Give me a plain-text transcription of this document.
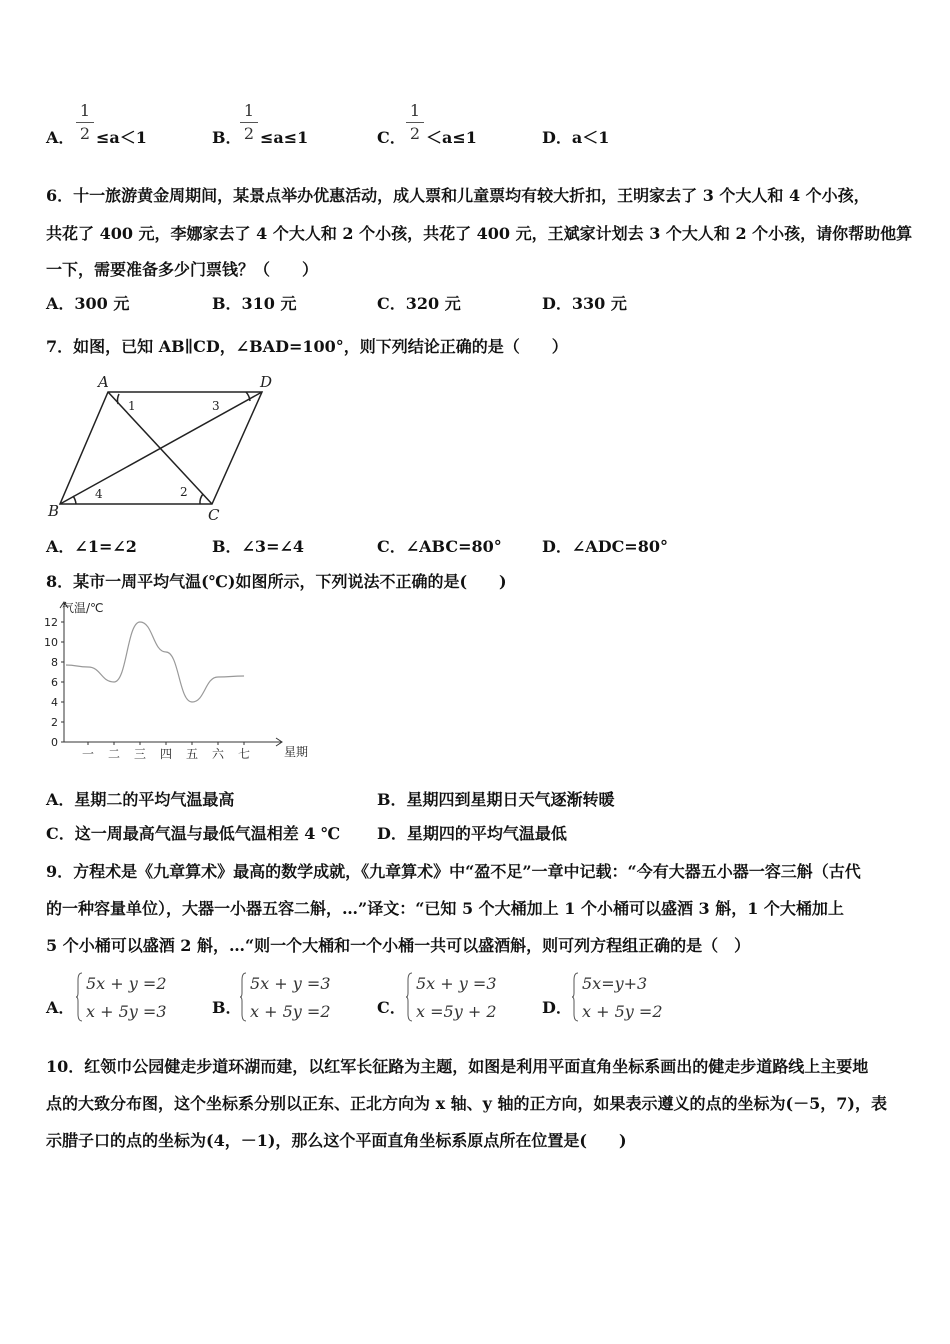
A．
1
2 ≤a＜1	B．
1
2 ≤a≤1	C．
1
2 ＜a≤1	D．a＜1
6．十一旅游黄金周期间，某景点举办优惠活动，成人票和儿童票均有较大折扣，王明家去了 3 个大人和 4 个小孩，
共花了 400 元，李娜家去了 4 个大人和 2 个小孩，共花了 400 元，王斌家计划去 3 个大人和 2 个小孩，请你帮助他算
一下，需要准备多少门票钱？（　　）
A．300 元	B．310 元	C．320 元	D．330 元
7．如图，已知 AB∥CD，∠BAD=100°，则下列结论正确的是（　　）
A	D
B	C
1	3
2
4
A．∠1=∠2	B．∠3=∠4	C．∠ABC=80°	D．∠ADC=80°
8．某市一周平均气温(℃)如图所示，下列说法不正确的是(　　)
0
2
4
6
8
10
12
一 二 三 四 五 六 七
气温/℃
星期
A．星期二的平均气温最高	B．星期四到星期日天气逐渐转暖
C．这一周最高气温与最低气温相差 4 ℃ D．星期四的平均气温最低
9．方程术是《九章算术》最高的数学成就，《九章算术》中“盈不足”一章中记载：“今有大器五小器一容三斛（古代
的一种容量单位），大器一小器五容二斛，…”译文：“已知 5 个大桶加上 1 个小桶可以盛酒 3 斛，1 个大桶加上
5 个小桶可以盛酒 2 斛，…“则一个大桶和一个小桶一共可以盛酒斛，则可列方程组正确的是（　）
A．
5x + y =2
x + 5y =3	B．
5x + y =3
x + 5y =2	C．
5x + y =3
x =5y + 2	D．
5x=y+3
x + 5y =2
10．红领巾公园健走步道环湖而建，以红军长征路为主题，如图是利用平面直角坐标系画出的健走步道路线上主要地
点的大致分布图，这个坐标系分别以正东、正北方向为 x 轴、y 轴的正方向，如果表示遵义的点的坐标为(－5，7)，表
示腊子口的点的坐标为(4，－1)，那么这个平面直角坐标系原点所在位置是(　　)
